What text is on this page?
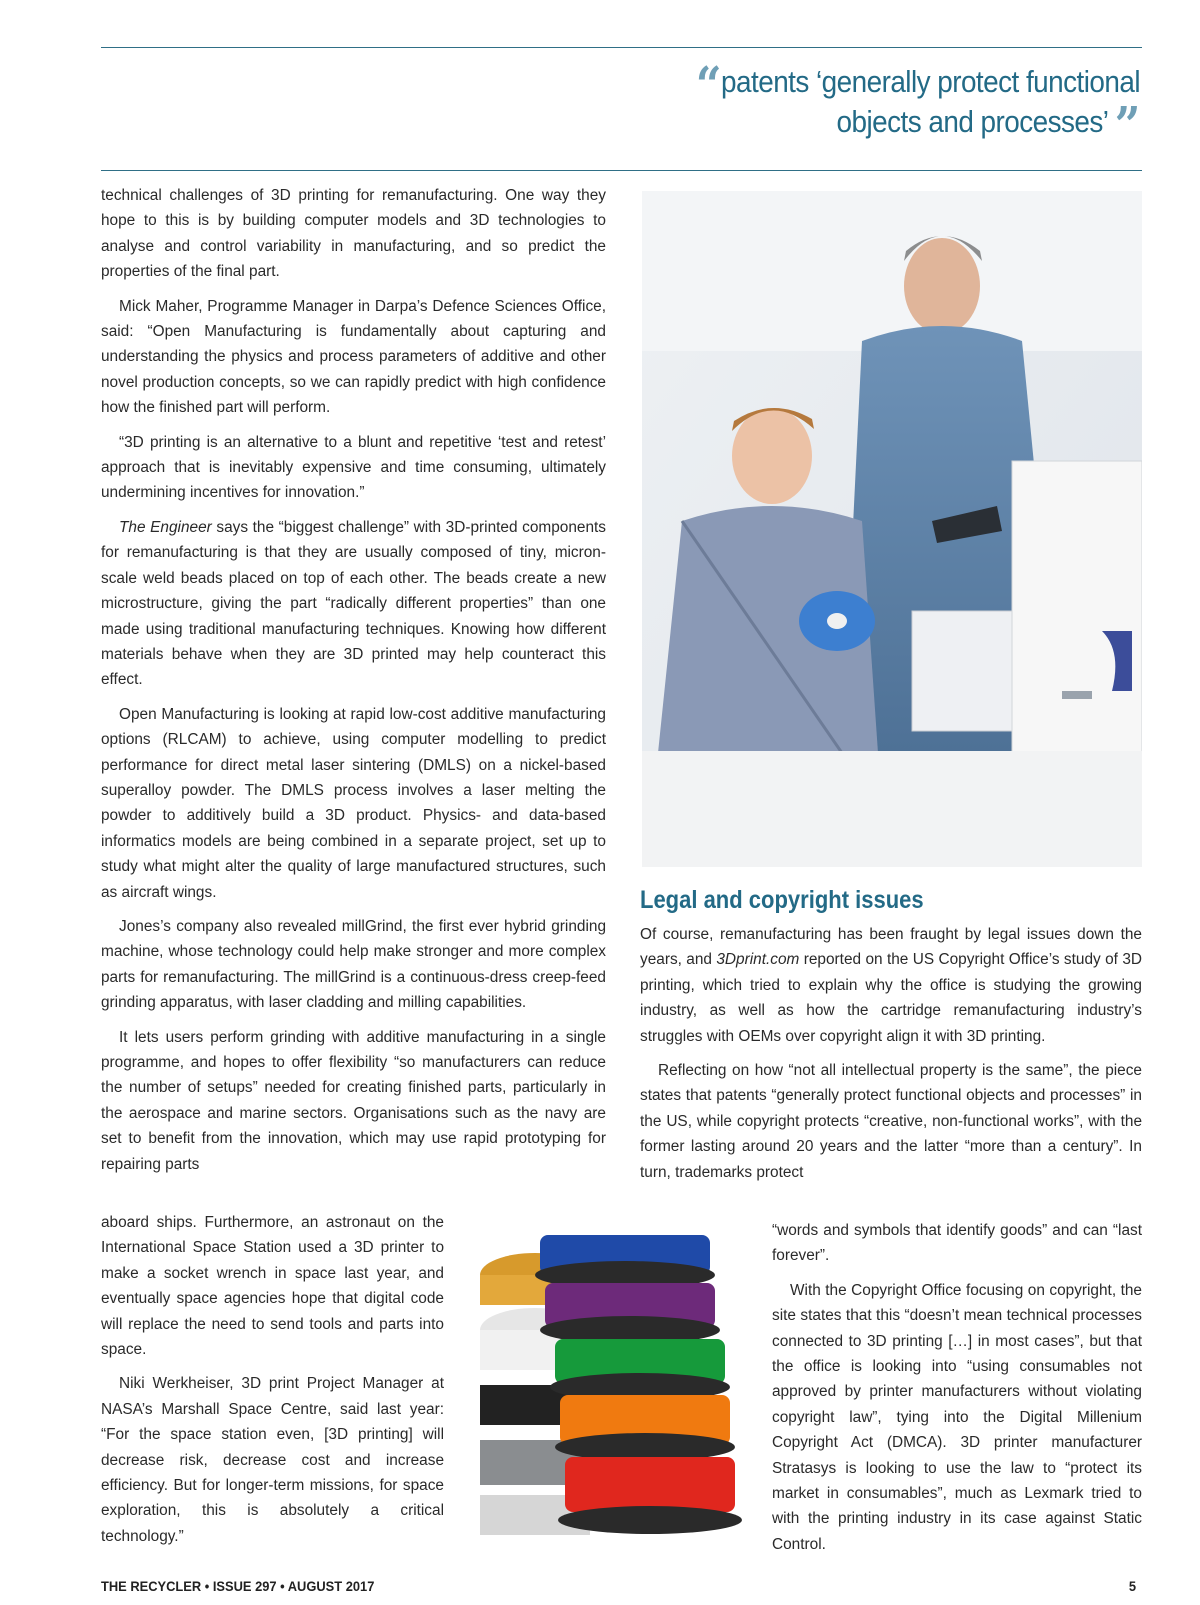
“patents ‘generally protect functional
objects and processes’ ”

technical challenges of 3D printing for remanufacturing. One way they hope to this is by building computer models and 3D technologies to analyse and control variability in manufacturing, and so predict the properties of the final part.

Mick Maher, Programme Manager in Darpa’s Defence Sciences Office, said: “Open Manufacturing is fundamentally about capturing and understanding the physics and process parameters of additive and other novel production concepts, so we can rapidly predict with high confidence how the finished part will perform.

“3D printing is an alternative to a blunt and repetitive ‘test and retest’ approach that is inevitably expensive and time consuming, ultimately undermining incentives for innovation.”

The Engineer says the “biggest challenge” with 3D-printed components for remanufacturing is that they are usually composed of tiny, micron-scale weld beads placed on top of each other. The beads create a new microstructure, giving the part “radically different properties” than one made using traditional manufacturing techniques. Knowing how different materials behave when they are 3D printed may help counteract this effect.

Open Manufacturing is looking at rapid low-cost additive manufacturing options (RLCAM) to achieve, using computer modelling to predict performance for direct metal laser sintering (DMLS) on a nickel-based superalloy powder. The DMLS process involves a laser melting the powder to additively build a 3D product. Physics- and data-based informatics models are being combined in a separate project, set up to study what might alter the quality of large manufactured structures, such as aircraft wings.

Jones’s company also revealed millGrind, the first ever hybrid grinding machine, whose technology could help make stronger and more complex parts for remanufacturing. The millGrind is a continuous-dress creep-feed grinding apparatus, with laser cladding and milling capabilities.

It lets users perform grinding with additive manufacturing in a single programme, and hopes to offer flexibility “so manufacturers can reduce the number of setups” needed for creating finished parts, particularly in the aerospace and marine sectors. Organisations such as the navy are set to benefit from the innovation, which may use rapid prototyping for repairing parts

aboard ships. Furthermore, an astronaut on the International Space Station used a 3D printer to make a socket wrench in space last year, and eventually space agencies hope that digital code will replace the need to send tools and parts into space.

Niki Werkheiser, 3D print Project Manager at NASA’s Marshall Space Centre, said last year: “For the space station even, [3D printing] will decrease risk, decrease cost and increase efficiency. But for longer-term missions, for space exploration, this is absolutely a critical technology.”

Legal and copyright issues

Of course, remanufacturing has been fraught by legal issues down the years, and 3Dprint.com reported on the US Copyright Office’s study of 3D printing, which tried to explain why the office is studying the growing industry, as well as how the cartridge remanufacturing industry’s struggles with OEMs over copyright align it with 3D printing.

Reflecting on how “not all intellectual property is the same”, the piece states that patents “generally protect functional objects and processes” in the US, while copyright protects “creative, non-functional works”, with the former lasting around 20 years and the latter “more than a century”. In turn, trademarks protect

“words and symbols that identify goods” and can “last forever”.

With the Copyright Office focusing on copyright, the site states that this “doesn’t mean technical processes connected to 3D printing […] in most cases”, but that the office is looking into “using consumables not approved by printer manufacturers without violating copyright law”, tying into the Digital Millenium Copyright Act (DMCA). 3D printer manufacturer Stratasys is looking to use the law to “protect its market in consumables”, much as Lexmark tried to with the printing industry in its case against Static Control.

THE RECYCLER • ISSUE 297 • AUGUST 2017	5
